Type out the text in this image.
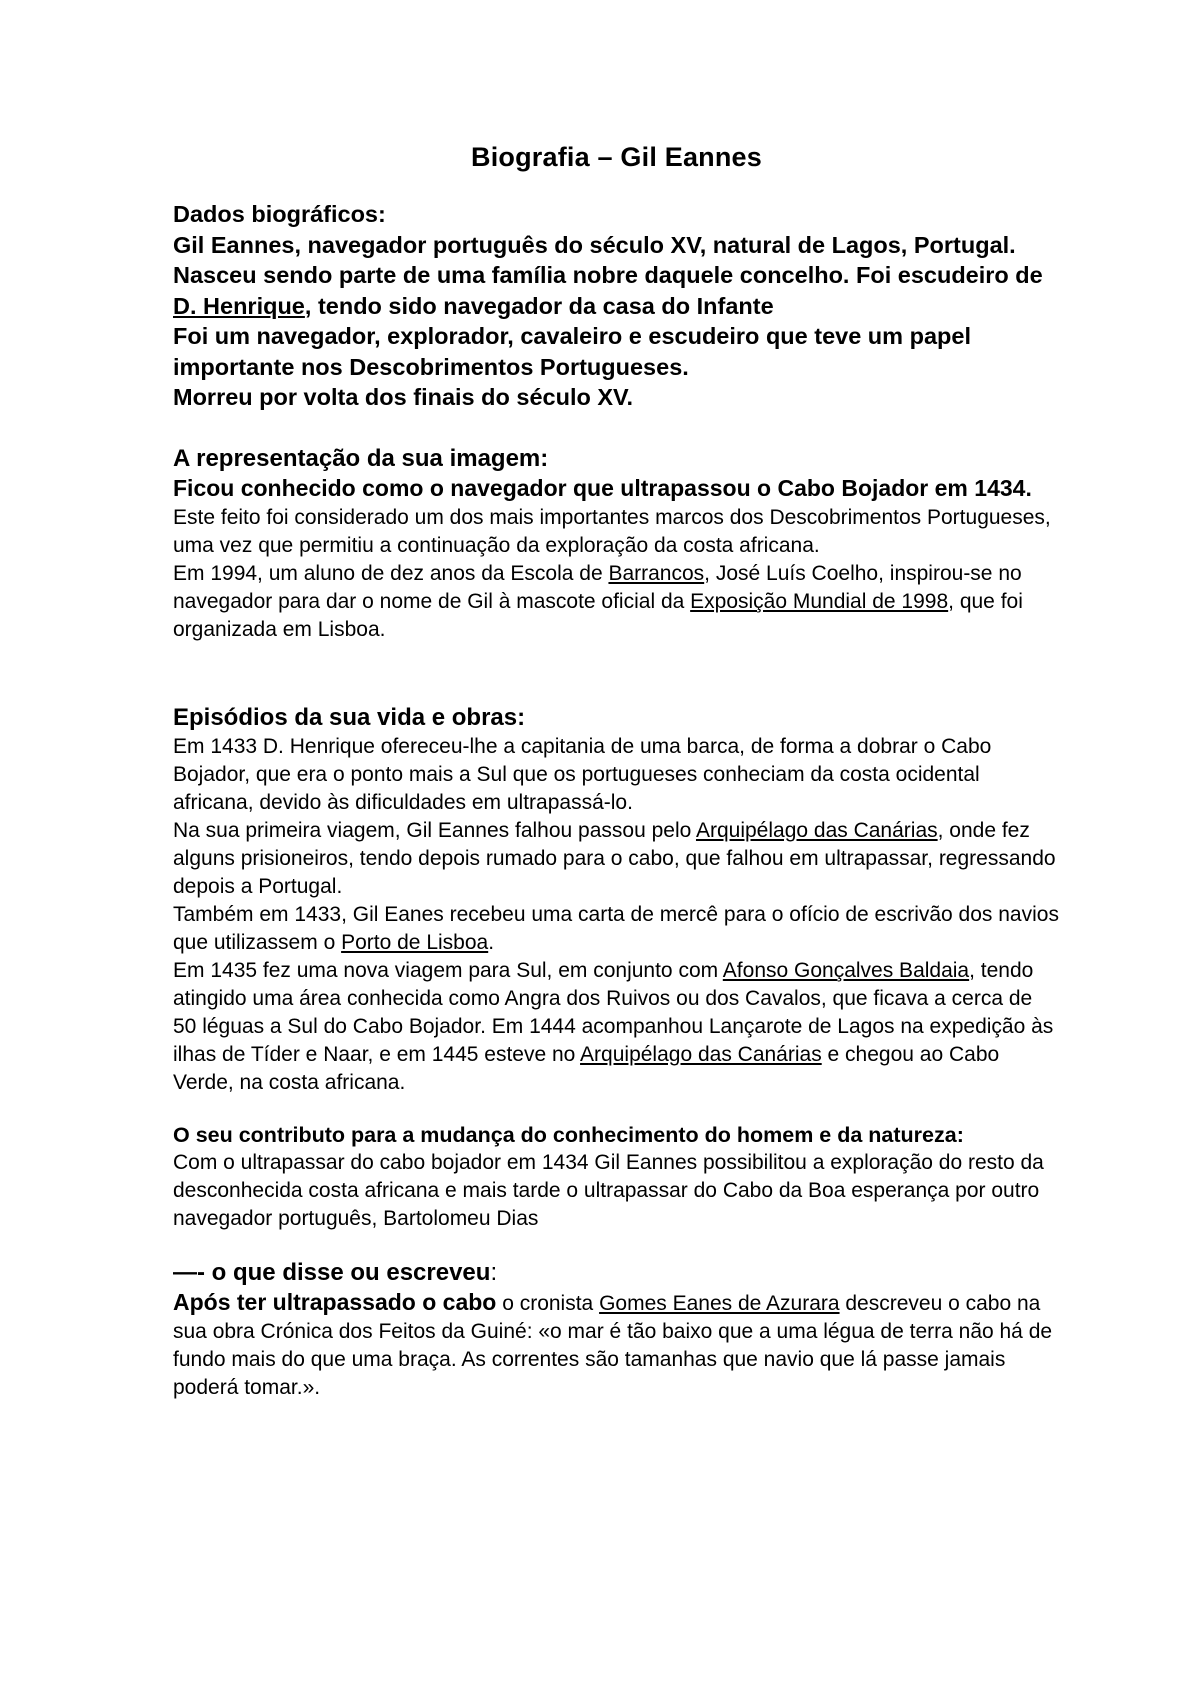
Biografia – Gil Eannes

Dados biográficos:

Gil Eannes, navegador português do século XV, natural de Lagos, Portugal.

Nasceu sendo parte de uma família nobre daquele concelho. Foi escudeiro de D. Henrique, tendo sido navegador da casa do Infante

Foi um navegador, explorador, cavaleiro e escudeiro que teve um papel importante nos Descobrimentos Portugueses.

Morreu por volta dos finais do século XV.

A representação da sua imagem:

Ficou conhecido como o navegador que ultrapassou o Cabo Bojador em 1434. Este feito foi considerado um dos mais importantes marcos dos Descobrimentos Portugueses, uma vez que permitiu a continuação da exploração da costa africana.

Em 1994, um aluno de dez anos da Escola de Barrancos, José Luís Coelho, inspirou-se no navegador para dar o nome de Gil à mascote oficial da Exposição Mundial de 1998, que foi organizada em Lisboa.

Episódios da sua vida e obras:

Em 1433 D. Henrique ofereceu-lhe a capitania de uma barca, de forma a dobrar o Cabo Bojador, que era o ponto mais a Sul que os portugueses conheciam da costa ocidental africana, devido às dificuldades em ultrapassá-lo.

Na sua primeira viagem, Gil Eannes falhou passou pelo Arquipélago das Canárias, onde fez alguns prisioneiros, tendo depois rumado para o cabo, que falhou em ultrapassar, regressando depois a Portugal.

Também em 1433, Gil Eanes recebeu uma carta de mercê para o ofício de escrivão dos navios que utilizassem o Porto de Lisboa.

Em 1435 fez uma nova viagem para Sul, em conjunto com Afonso Gonçalves Baldaia, tendo atingido uma área conhecida como Angra dos Ruivos ou dos Cavalos, que ficava a cerca de 50 léguas a Sul do Cabo Bojador. Em 1444 acompanhou Lançarote de Lagos na expedição às ilhas de Tíder e Naar, e em 1445 esteve no Arquipélago das Canárias e chegou ao Cabo Verde, na costa africana.

O seu contributo para a mudança do conhecimento do homem e da natureza:

Com o ultrapassar do cabo bojador em 1434 Gil Eannes possibilitou a exploração do resto da desconhecida costa africana e mais tarde o ultrapassar do Cabo da Boa esperança por outro navegador português, Bartolomeu Dias

—- o que disse ou escreveu:

Após ter ultrapassado o cabo o cronista Gomes Eanes de Azurara descreveu o cabo na sua obra Crónica dos Feitos da Guiné: «o mar é tão baixo que a uma légua de terra não há de fundo mais do que uma braça. As correntes são tamanhas que navio que lá passe jamais poderá tomar.».
